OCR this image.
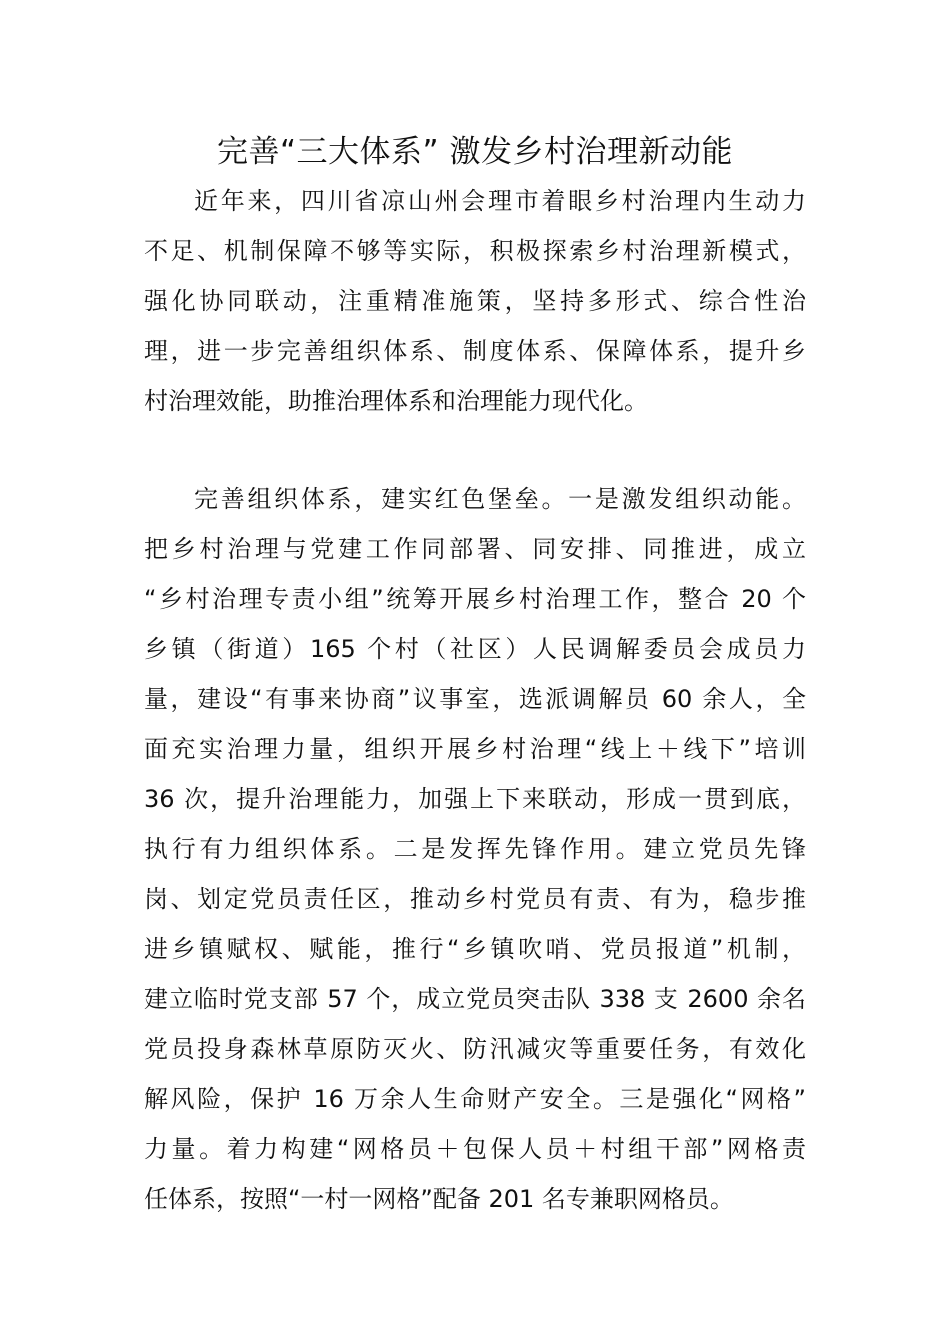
完善“三大体系” 激发乡村治理新动能
近年来，四川省凉山州会理市着眼乡村治理内生动力
不足、机制保障不够等实际，积极探索乡村治理新模式，
强化协同联动，注重精准施策，坚持多形式、综合性治
理，进一步完善组织体系、制度体系、保障体系，提升乡
村治理效能，助推治理体系和治理能力现代化。
完善组织体系，建实红色堡垒。一是激发组织动能。
把乡村治理与党建工作同部署、同安排、同推进，成立
“乡村治理专责小组”统筹开展乡村治理工作，整合 20 个
乡镇（街道）165 个村（社区）人民调解委员会成员力
量，建设“有事来协商”议事室，选派调解员 60 余人，全
面充实治理力量，组织开展乡村治理“线上＋线下”培训
36 次，提升治理能力，加强上下来联动，形成一贯到底，
执行有力组织体系。二是发挥先锋作用。建立党员先锋
岗、划定党员责任区，推动乡村党员有责、有为，稳步推
进乡镇赋权、赋能，推行“乡镇吹哨、党员报道”机制，
建立临时党支部 57 个，成立党员突击队 338 支 2600 余名
党员投身森林草原防灭火、防汛减灾等重要任务，有效化
解风险，保护 16 万余人生命财产安全。三是强化“网格”
力量。着力构建“网格员＋包保人员＋村组干部”网格责
任体系，按照“一村一网格”配备 201 名专兼职网格员。
